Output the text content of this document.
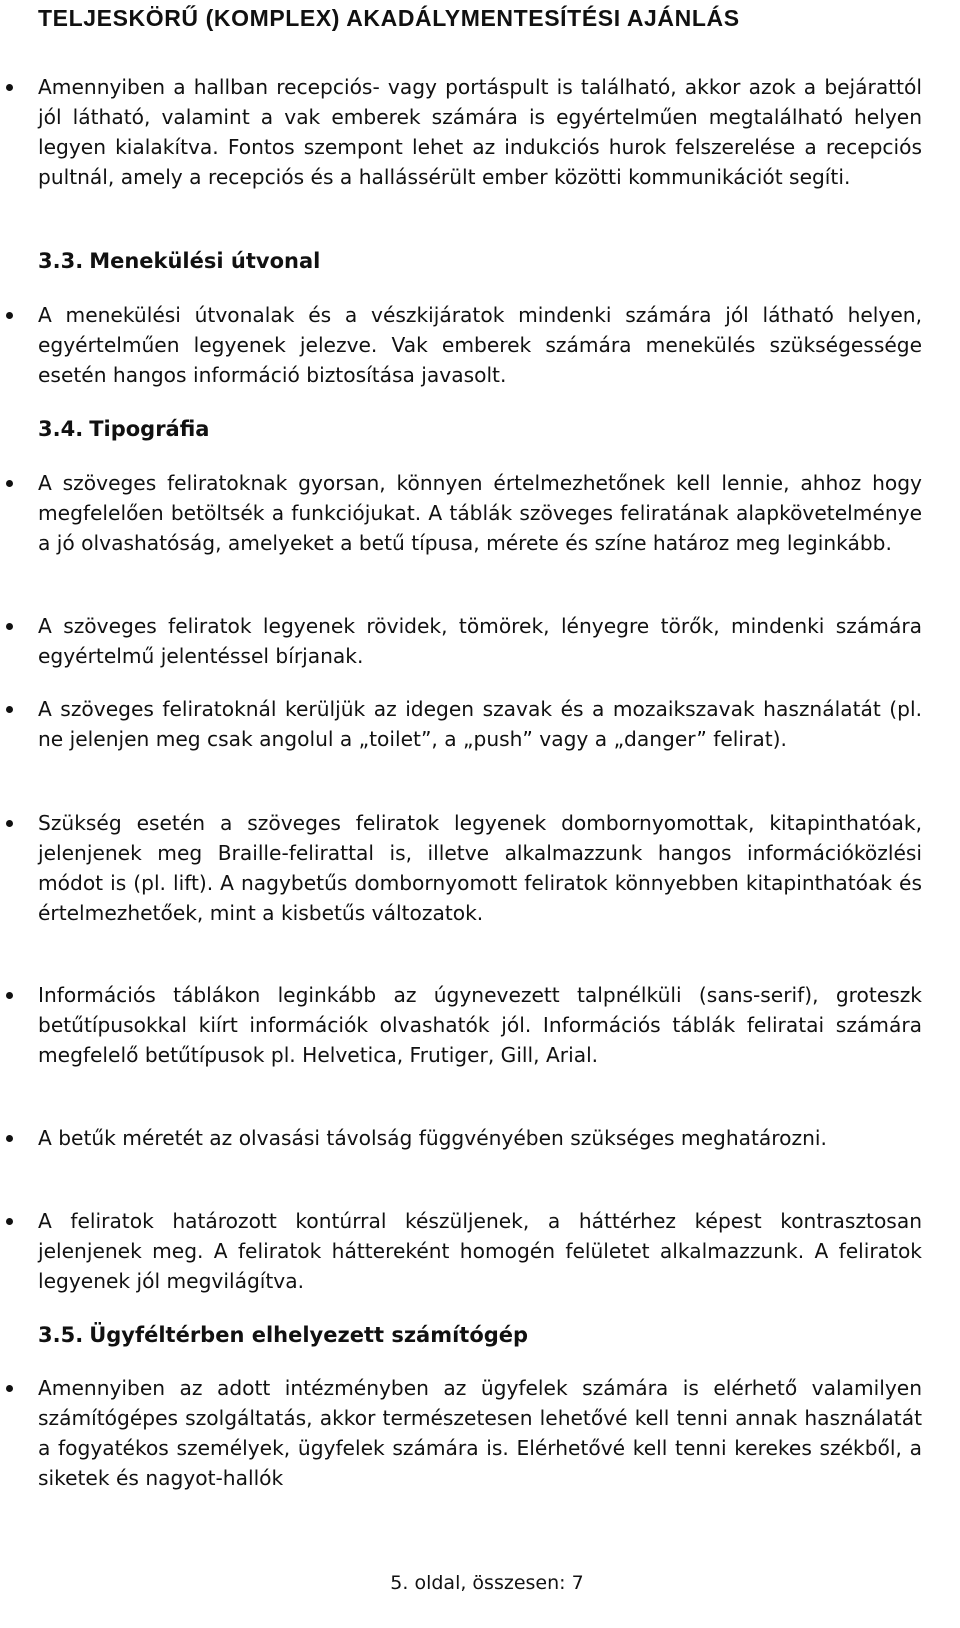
TELJESKÖRŰ (KOMPLEX) AKADÁLYMENTESÍTÉSI AJÁNLÁS

Amennyiben a hallban recepciós- vagy portáspult is található, akkor azok a bejárattól jól látható, valamint a vak emberek számára is egyértelműen megtalálható helyen legyen kialakítva. Fontos szempont lehet az indukciós hurok felszerelése a recepciós pultnál, amely a recepciós és a hallássérült ember közötti kommunikációt segíti.

3.3. Menekülési útvonal

A menekülési útvonalak és a vészkijáratok mindenki számára jól látható helyen, egyértelműen legyenek jelezve. Vak emberek számára menekülés szükségessége esetén hangos információ biztosítása javasolt.

3.4. Tipográfia

A szöveges feliratoknak gyorsan, könnyen értelmezhetőnek kell lennie, ahhoz hogy megfelelően betöltsék a funkciójukat. A táblák szöveges feliratának alapkövetelménye a jó olvashatóság, amelyeket a betű típusa, mérete és színe határoz meg leginkább.

A szöveges feliratok legyenek rövidek, tömörek, lényegre törők, mindenki számára egyértelmű jelentéssel bírjanak.

A szöveges feliratoknál kerüljük az idegen szavak és a mozaikszavak használatát (pl. ne jelenjen meg csak angolul a „toilet”, a „push” vagy a „danger” felirat).

Szükség esetén a szöveges feliratok legyenek dombornyomottak, kitapinthatóak, jelenjenek meg Braille-felirattal is, illetve alkalmazzunk hangos információközlési módot is (pl. lift). A nagybetűs dombornyomott feliratok könnyebben kitapinthatóak és értelmezhetőek, mint a kisbetűs változatok.

Információs táblákon leginkább az úgynevezett talpnélküli (sans-serif), groteszk betűtípusokkal kiírt információk olvashatók jól. Információs táblák feliratai számára megfelelő betűtípusok pl. Helvetica, Frutiger, Gill, Arial.

A betűk méretét az olvasási távolság függvényében szükséges meghatározni.

A feliratok határozott kontúrral készüljenek, a háttérhez képest kontrasztosan jelenjenek meg. A feliratok háttereként homogén felületet alkalmazzunk. A feliratok legyenek jól megvilágítva.

3.5. Ügyféltérben elhelyezett számítógép

Amennyiben az adott intézményben az ügyfelek számára is elérhető valamilyen számítógépes szolgáltatás, akkor természetesen lehetővé kell tenni annak használatát a fogyatékos személyek, ügyfelek számára is. Elérhetővé kell tenni kerekes székből, a siketek és nagyot-hallók

5. oldal, összesen: 7
